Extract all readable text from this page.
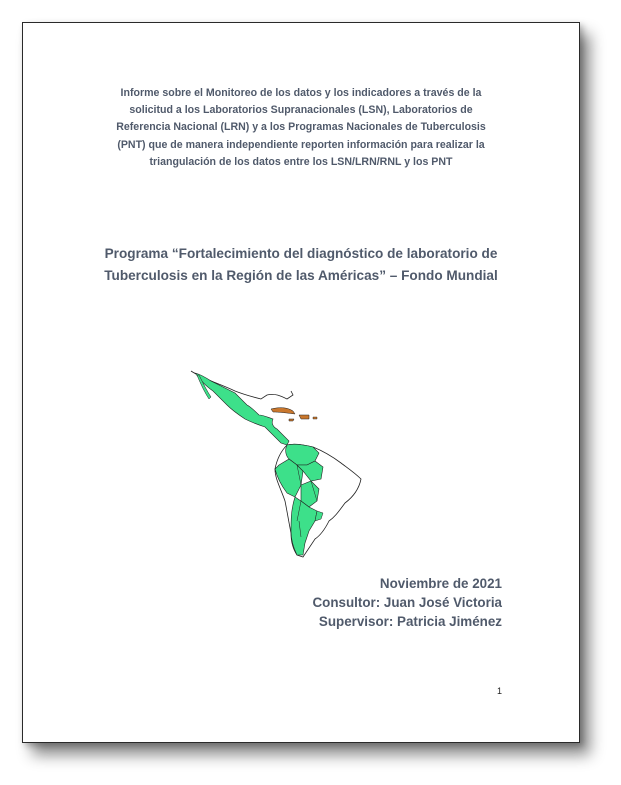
Informe sobre el Monitoreo de los datos y los indicadores a través de la
solicitud a los Laboratorios Supranacionales (LSN), Laboratorios de
Referencia Nacional (LRN) y a los Programas Nacionales de Tuberculosis
(PNT) que de manera independiente reporten información para realizar la
triangulación de los datos entre los LSN/LRN/RNL y los PNT
Programa “Fortalecimiento del diagnóstico de laboratorio de
Tuberculosis en la Región de las Américas” – Fondo Mundial
Noviembre de 2021
Consultor: Juan José Victoria
Supervisor: Patricia Jiménez
1
